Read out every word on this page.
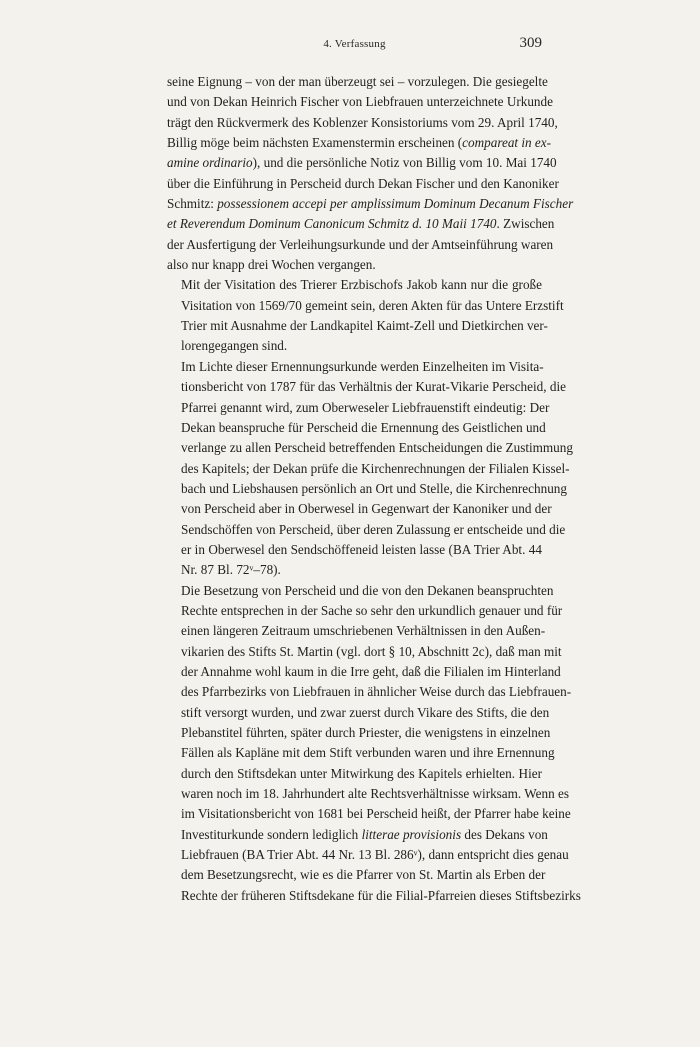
4. Verfassung	309
seine Eignung – von der man überzeugt sei – vorzulegen. Die gesiegelte
und von Dekan Heinrich Fischer von Liebfrauen unterzeichnete Urkunde
trägt den Rückvermerk des Koblenzer Konsistoriums vom 29. April 1740,
Billig möge beim nächsten Examenstermin erscheinen (compareat in ex-
amine ordinario), und die persönliche Notiz von Billig vom 10. Mai 1740
über die Einführung in Perscheid durch Dekan Fischer und den Kanoniker
Schmitz: possessionem accepi per amplissimum Dominum Decanum Fischer
et Reverendum Dominum Canonicum Schmitz d. 10 Maii 1740. Zwischen
der Ausfertigung der Verleihungsurkunde und der Amtseinführung waren
also nur knapp drei Wochen vergangen.
Mit der Visitation des Trierer Erzbischofs Jakob kann nur die große
Visitation von 1569/70 gemeint sein, deren Akten für das Untere Erzstift
Trier mit Ausnahme der Landkapitel Kaimt-Zell und Dietkirchen ver-
lorengegangen sind.
Im Lichte dieser Ernennungsurkunde werden Einzelheiten im Visita-
tionsbericht von 1787 für das Verhältnis der Kurat-Vikarie Perscheid, die
Pfarrei genannt wird, zum Oberweseler Liebfrauenstift eindeutig: Der
Dekan beanspruche für Perscheid die Ernennung des Geistlichen und
verlange zu allen Perscheid betreffenden Entscheidungen die Zustimmung
des Kapitels; der Dekan prüfe die Kirchenrechnungen der Filialen Kissel-
bach und Liebshausen persönlich an Ort und Stelle, die Kirchenrechnung
von Perscheid aber in Oberwesel in Gegenwart der Kanoniker und der
Sendschöffen von Perscheid, über deren Zulassung er entscheide und die
er in Oberwesel den Sendschöffeneid leisten lasse (BA Trier Abt. 44
Nr. 87 Bl. 72ᵛ–78).
Die Besetzung von Perscheid und die von den Dekanen beanspruchten
Rechte entsprechen in der Sache so sehr den urkundlich genauer und für
einen längeren Zeitraum umschriebenen Verhältnissen in den Außen-
vikarien des Stifts St. Martin (vgl. dort § 10, Abschnitt 2c), daß man mit
der Annahme wohl kaum in die Irre geht, daß die Filialen im Hinterland
des Pfarrbezirks von Liebfrauen in ähnlicher Weise durch das Liebfrauen-
stift versorgt wurden, und zwar zuerst durch Vikare des Stifts, die den
Plebanstitel führten, später durch Priester, die wenigstens in einzelnen
Fällen als Kapläne mit dem Stift verbunden waren und ihre Ernennung
durch den Stiftsdekan unter Mitwirkung des Kapitels erhielten. Hier
waren noch im 18. Jahrhundert alte Rechtsverhältnisse wirksam. Wenn es
im Visitationsbericht von 1681 bei Perscheid heißt, der Pfarrer habe keine
Investiturkunde sondern lediglich litterae provisionis des Dekans von
Liebfrauen (BA Trier Abt. 44 Nr. 13 Bl. 286ᵛ), dann entspricht dies genau
dem Besetzungsrecht, wie es die Pfarrer von St. Martin als Erben der
Rechte der früheren Stiftsdekane für die Filial-Pfarreien dieses Stiftsbezirks
